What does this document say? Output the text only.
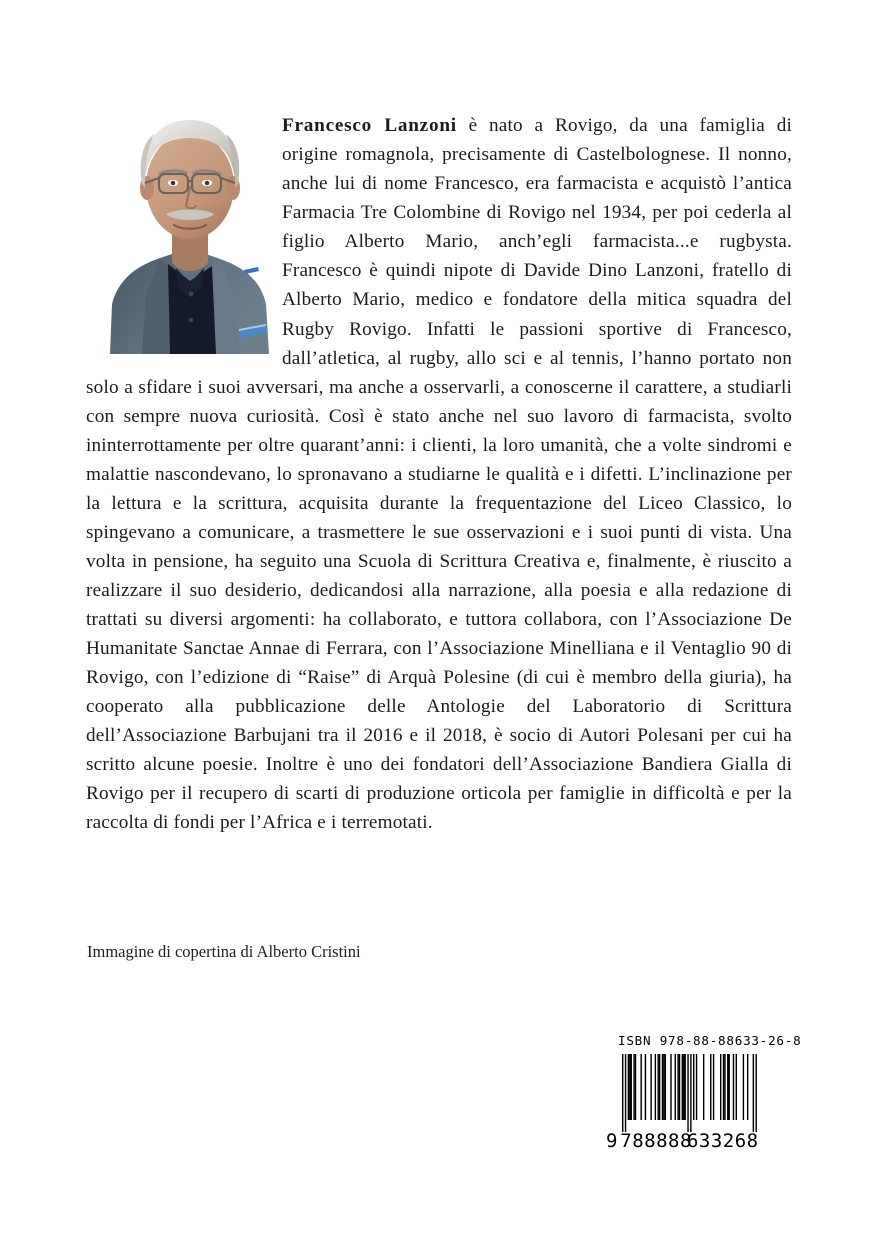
Francesco Lanzoni è nato a Rovigo, da una famiglia di origine romagnola, precisamente di Castelbolognese. Il nonno, anche lui di nome Francesco, era farmacista e acquistò l’antica Farmacia Tre Colombine di Rovigo nel 1934, per poi cederla al figlio Alberto Mario, anch’egli farmacista...e rugbysta. Francesco è quindi nipote di Davide Dino Lanzoni, fratello di Alberto Mario, medico e fondatore della mitica squadra del Rugby Rovigo. Infatti le passioni sportive di Francesco, dall’atletica, al rugby, allo sci e al tennis, l’hanno portato non solo a sfidare i suoi avversari, ma anche a osservarli, a conoscerne il carattere, a studiarli con sempre nuova curiosità. Così è stato anche nel suo lavoro di farmacista, svolto ininterrottamente per oltre quarant’anni: i clienti, la loro umanità, che a volte sindromi e malattie nascondevano, lo spronavano a studiarne le qualità e i difetti. L’inclinazione per la lettura e la scrittura, acquisita durante la frequentazione del Liceo Classico, lo spingevano a comunicare, a trasmettere le sue osservazioni e i suoi punti di vista. Una volta in pensione, ha seguito una Scuola di Scrittura Creativa e, finalmente, è riuscito a realizzare il suo desiderio, dedicandosi alla narrazione, alla poesia e alla redazione di trattati su diversi argomenti: ha collaborato, e tuttora collabora, con l’Associazione De Humanitate Sanctae Annae di Ferrara, con l’Associazione Minelliana e il Ventaglio 90 di Rovigo, con l’edizione di “Raise” di Arquà Polesine (di cui è membro della giuria), ha cooperato alla pubblicazione delle Antologie del Laboratorio di Scrittura dell’Associazione Barbujani tra il 2016 e il 2018, è socio di Autori Polesani per cui ha scritto alcune poesie. Inoltre è uno dei fondatori dell’Associazione Bandiera Gialla di Rovigo per il recupero di scarti di produzione orticola per famiglie in difficoltà e per la raccolta di fondi per l’Africa e i terremotati.

Immagine di copertina di Alberto Cristini
ISBN 978-88-88633-26-8
9 788888
633268
